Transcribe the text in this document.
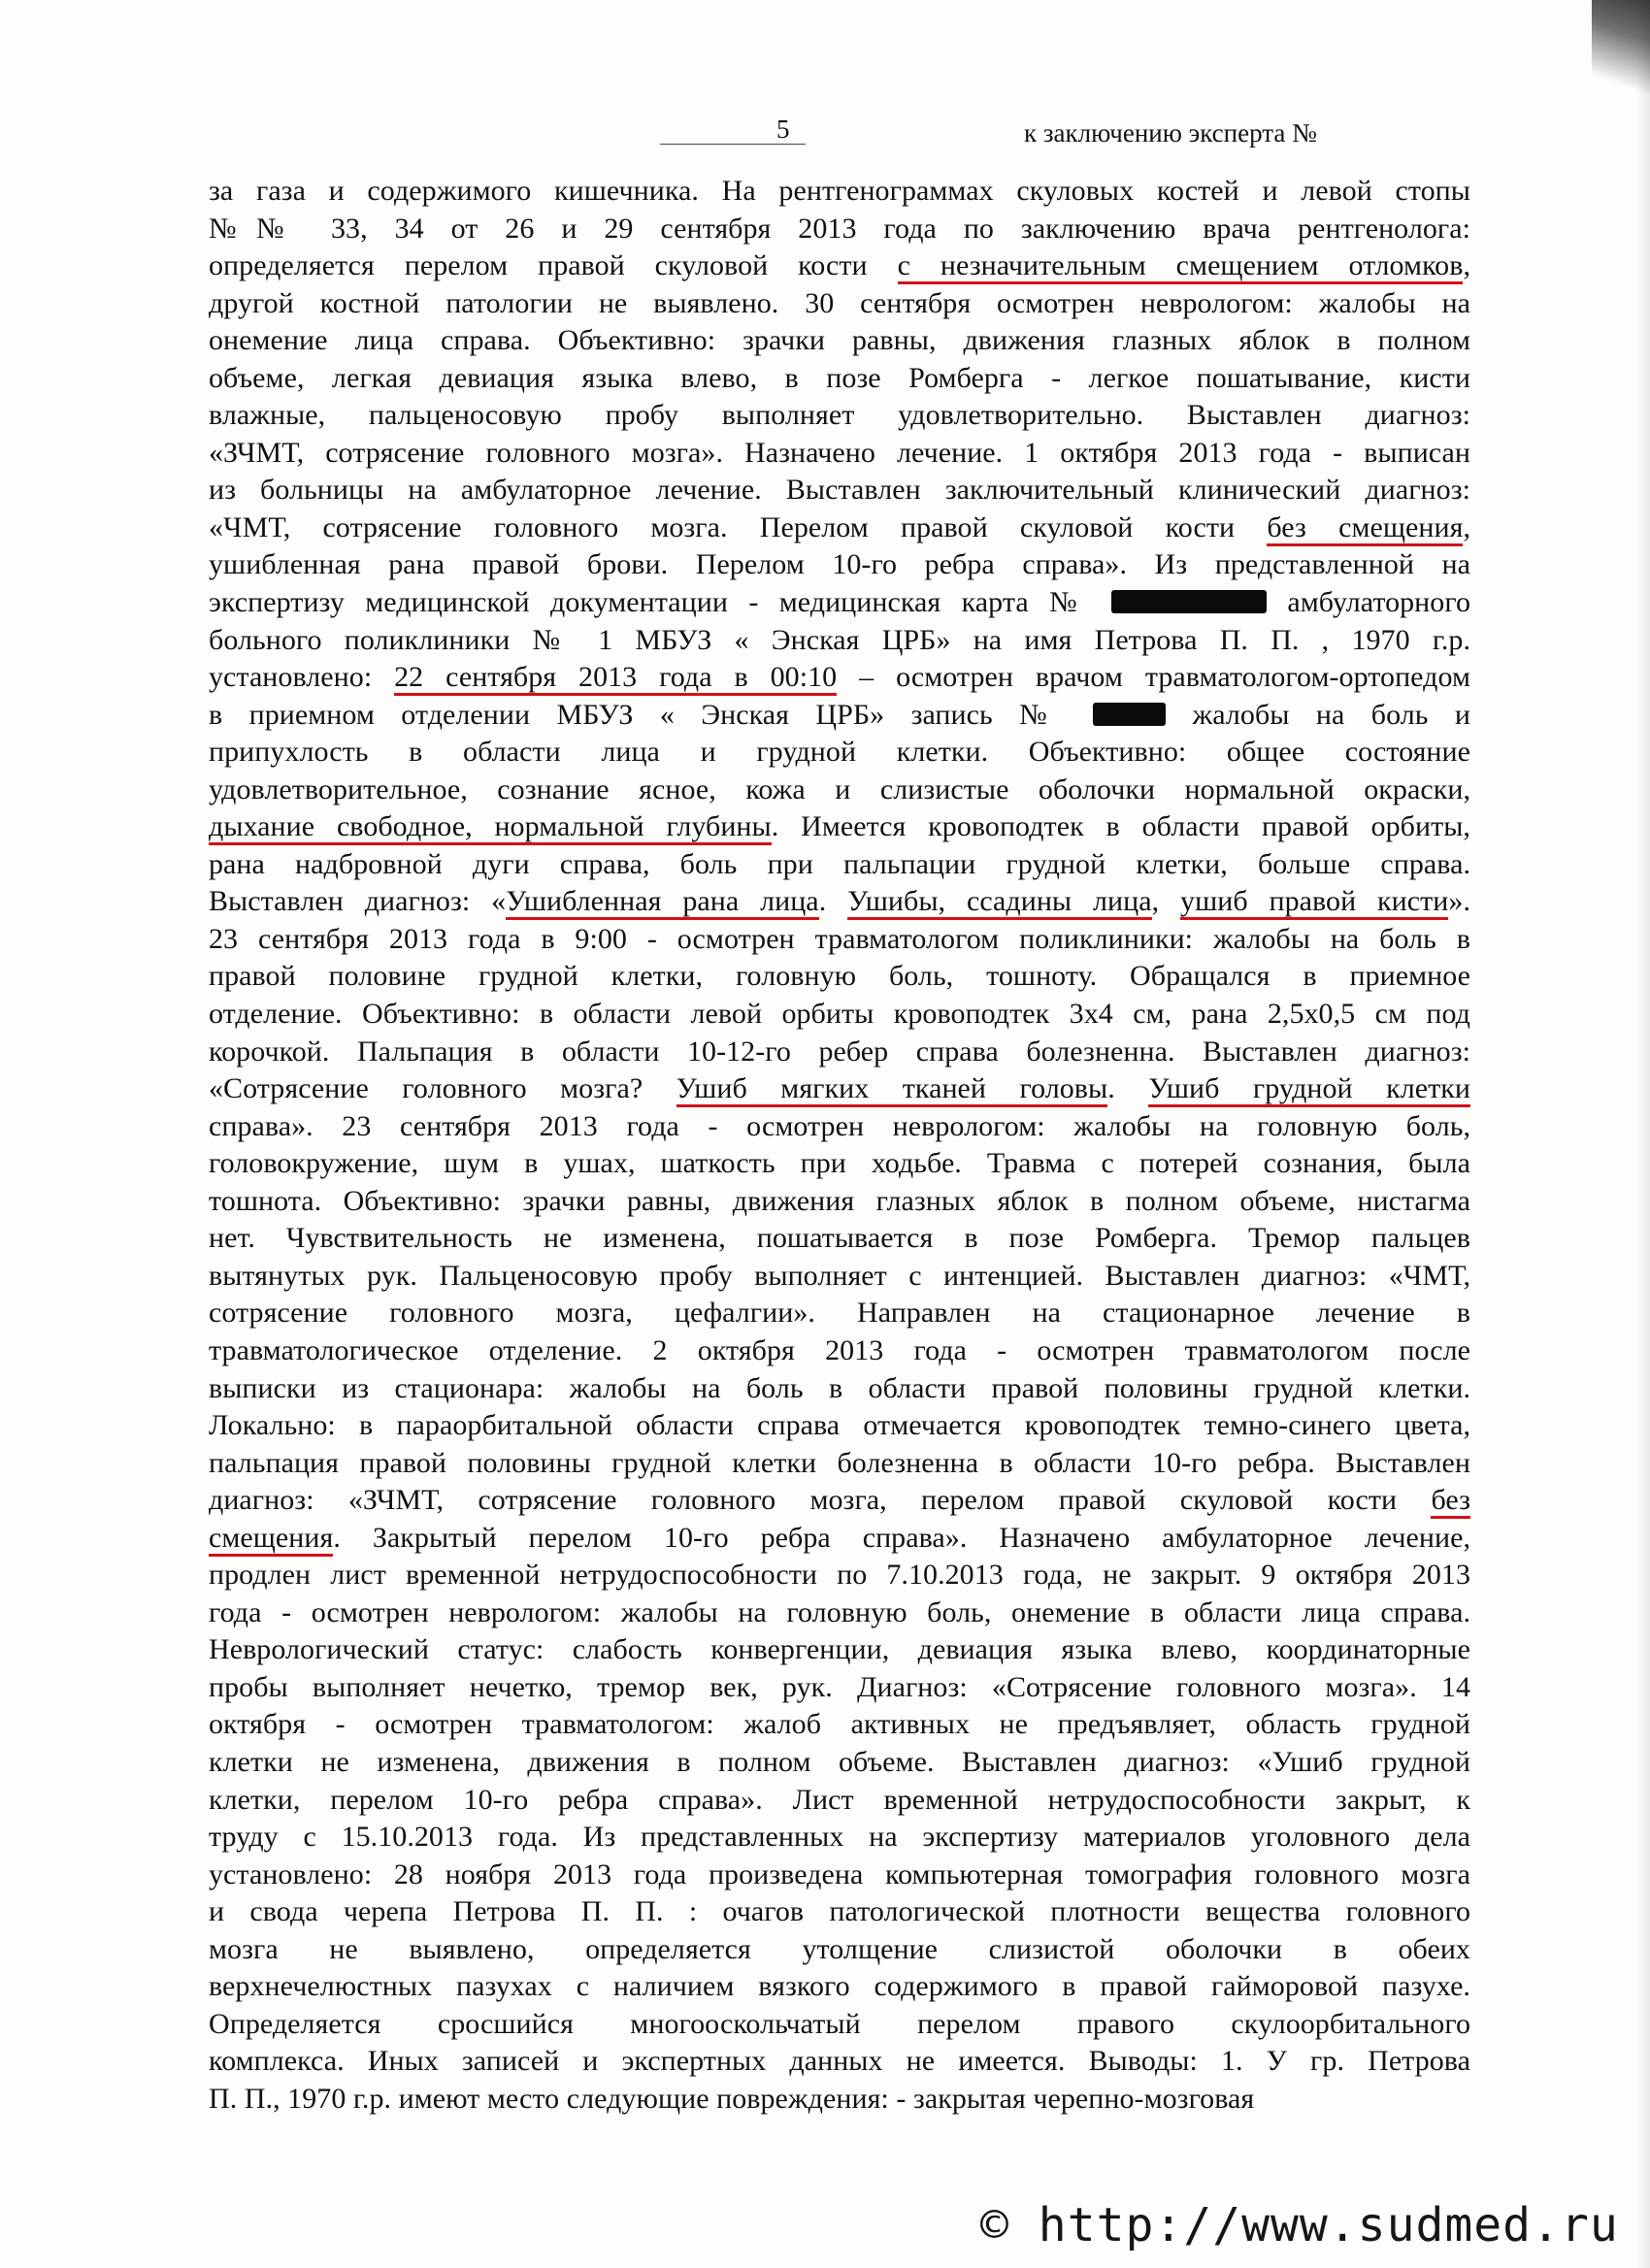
5	к заключению эксперта №
за газа и содержимого кишечника. На рентгенограммах скуловых костей и левой стопы
№№ 33, 34 от 26 и 29 сентября 2013 года по заключению врача рентгенолога:
определяется перелом правой скуловой кости с незначительным смещением отломков,
другой костной патологии не выявлено. 30 сентября осмотрен неврологом: жалобы на
онемение лица справа. Объективно: зрачки равны, движения глазных яблок в полном
объеме, легкая девиация языка влево, в позе Ромберга - легкое пошатывание, кисти
влажные, пальценосовую пробу выполняет удовлетворительно. Выставлен диагноз:
«ЗЧМТ, сотрясение головного мозга». Назначено лечение. 1 октября 2013 года - выписан
из больницы на амбулаторное лечение. Выставлен заключительный клинический диагноз:
«ЧМТ, сотрясение головного мозга. Перелом правой скуловой кости без смещения,
ушибленная рана правой брови. Перелом 10-го ребра справа». Из представленной на
экспертизу медицинской документации - медицинская карта №	амбулаторного
больного поликлиники № 1 МБУЗ « Энская ЦРБ» на имя Петрова П. П. , 1970 г.р.
установлено: 22 сентября 2013 года в 00:10 – осмотрен врачом травматологом-ортопедом
в приемном отделении МБУЗ « Энская ЦРБ» запись №	жалобы на боль и
припухлость в области лица и грудной клетки. Объективно: общее состояние
удовлетворительное, сознание ясное, кожа и слизистые оболочки нормальной окраски,
дыхание свободное, нормальной глубины. Имеется кровоподтек в области правой орбиты,
рана надбровной дуги справа, боль при пальпации грудной клетки, больше справа.
Выставлен диагноз: «Ушибленная рана лица. Ушибы, ссадины лица, ушиб правой кисти».
23 сентября 2013 года в 9:00 - осмотрен травматологом поликлиники: жалобы на боль в
правой половине грудной клетки, головную боль, тошноту. Обращался в приемное
отделение. Объективно: в области левой орбиты кровоподтек 3х4 см, рана 2,5х0,5 см под
корочкой. Пальпация в области 10-12-го ребер справа болезненна. Выставлен диагноз:
«Сотрясение головного мозга? Ушиб мягких тканей головы. Ушиб грудной клетки
справа». 23 сентября 2013 года - осмотрен неврологом: жалобы на головную боль,
головокружение, шум в ушах, шаткость при ходьбе. Травма с потерей сознания, была
тошнота. Объективно: зрачки равны, движения глазных яблок в полном объеме, нистагма
нет. Чувствительность не изменена, пошатывается в позе Ромберга. Тремор пальцев
вытянутых рук. Пальценосовую пробу выполняет с интенцией. Выставлен диагноз: «ЧМТ,
сотрясение головного мозга, цефалгии». Направлен на стационарное лечение в
травматологическое отделение. 2 октября 2013 года - осмотрен травматологом после
выписки из стационара: жалобы на боль в области правой половины грудной клетки.
Локально: в параорбитальной области справа отмечается кровоподтек темно-синего цвета,
пальпация правой половины грудной клетки болезненна в области 10-го ребра. Выставлен
диагноз: «ЗЧМТ, сотрясение головного мозга, перелом правой скуловой кости без
смещения. Закрытый перелом 10-го ребра справа». Назначено амбулаторное лечение,
продлен лист временной нетрудоспособности по 7.10.2013 года, не закрыт. 9 октября 2013
года - осмотрен неврологом: жалобы на головную боль, онемение в области лица справа.
Неврологический статус: слабость конвергенции, девиация языка влево, координаторные
пробы выполняет нечетко, тремор век, рук. Диагноз: «Сотрясение головного мозга». 14
октября - осмотрен травматологом: жалоб активных не предъявляет, область грудной
клетки не изменена, движения в полном объеме. Выставлен диагноз: «Ушиб грудной
клетки, перелом 10-го ребра справа». Лист временной нетрудоспособности закрыт, к
труду с 15.10.2013 года. Из представленных на экспертизу материалов уголовного дела
установлено: 28 ноября 2013 года произведена компьютерная томография головного мозга
и свода черепа Петрова П. П. : очагов патологической плотности вещества головного
мозга не выявлено, определяется утолщение слизистой оболочки в обеих
верхнечелюстных пазухах с наличием вязкого содержимого в правой гайморовой пазухе.
Определяется сросшийся многооскольчатый перелом правого скулоорбитального
комплекса. Иных записей и экспертных данных не имеется. Выводы: 1. У гр. Петрова
П. П., 1970 г.р. имеют место следующие повреждения: - закрытая черепно-мозговая
© http://www.sudmed.ru
